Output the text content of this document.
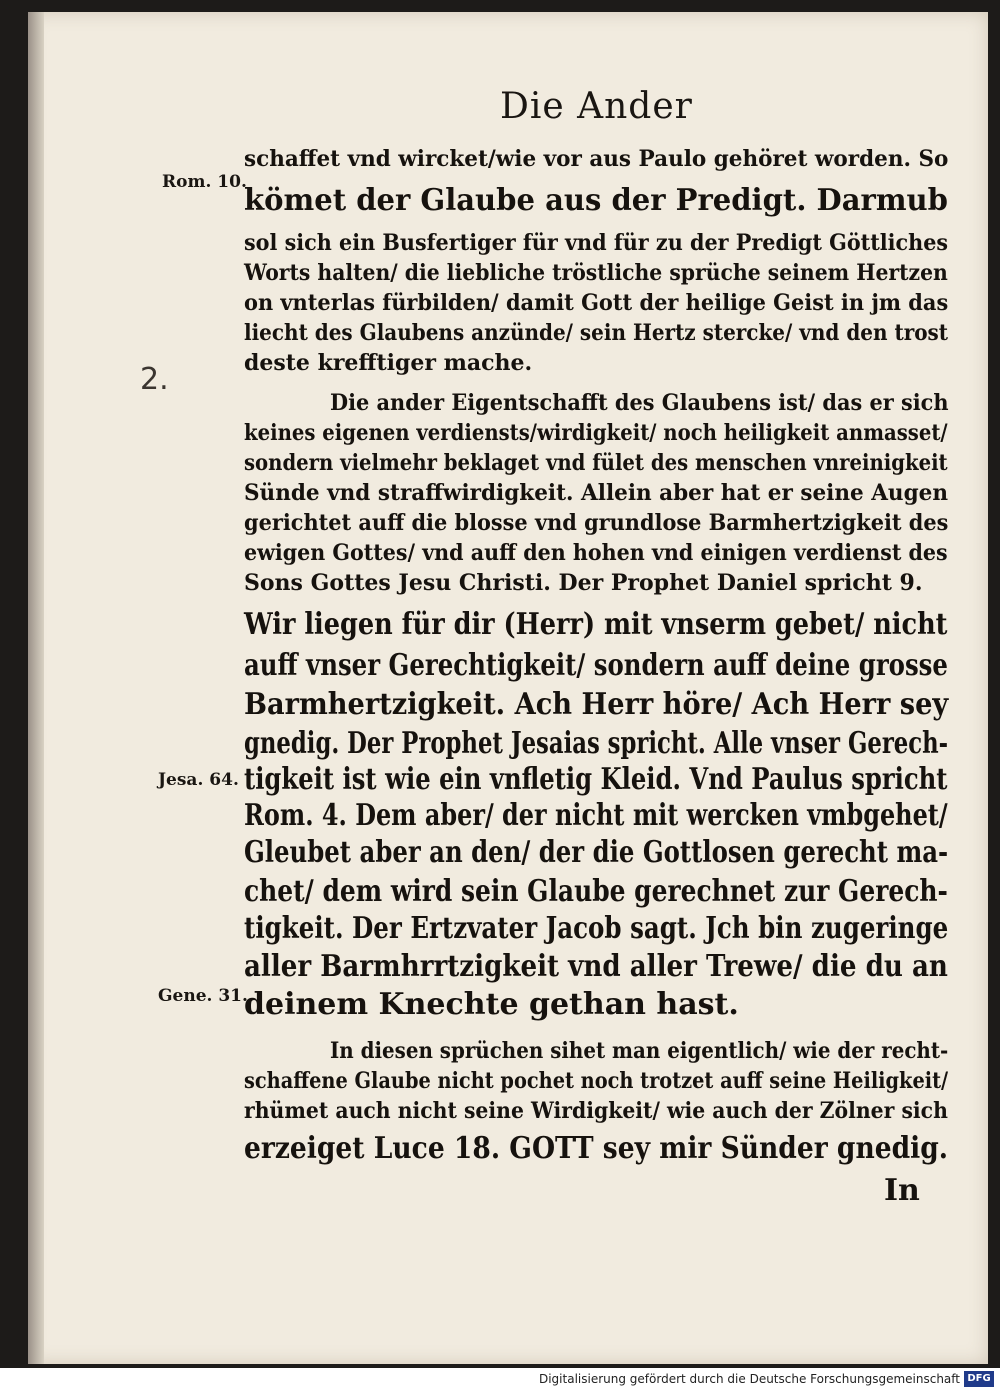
Die Ander
Rom. 10.
2.
Jesa. 64.
Gene. 31.
schaffet vnd wircket/wie vor aus Paulo gehöret worden. So
kömet der Glaube aus der Predigt. Darmub
sol sich ein Busfertiger für vnd für zu der Predigt Göttliches
Worts halten/ die liebliche tröstliche sprüche seinem Hertzen
on vnterlas fürbilden/ damit Gott der heilige Geist in jm das
liecht des Glaubens anzünde/ sein Hertz stercke/ vnd den trost
deste krefftiger mache.
Die ander Eigentschafft des Glaubens ist/ das er sich
keines eigenen verdiensts/wirdigkeit/ noch heiligkeit anmasset/
sondern vielmehr beklaget vnd fület des menschen vnreinigkeit
Sünde vnd straffwirdigkeit. Allein aber hat er seine Augen
gerichtet auff die blosse vnd grundlose Barmhertzigkeit des
ewigen Gottes/ vnd auff den hohen vnd einigen verdienst des
Sons Gottes Jesu Christi. Der Prophet Daniel spricht 9.
Wir liegen für dir (Herr) mit vnserm gebet/ nicht
auff vnser Gerechtigkeit/ sondern auff deine grosse
Barmhertzigkeit. Ach Herr höre/ Ach Herr sey
gnedig. Der Prophet Jesaias spricht. Alle vnser Gerech-
tigkeit ist wie ein vnfletig Kleid. Vnd Paulus spricht
Rom. 4. Dem aber/ der nicht mit wercken vmbgehet/
Gleubet aber an den/ der die Gottlosen gerecht ma-
chet/ dem wird sein Glaube gerechnet zur Gerech-
tigkeit. Der Ertzvater Jacob sagt. Jch bin zugeringe
aller Barmhrrtzigkeit vnd aller Trewe/ die du an
deinem Knechte gethan hast.
In diesen sprüchen sihet man eigentlich/ wie der recht-
schaffene Glaube nicht pochet noch trotzet auff seine Heiligkeit/
rhümet auch nicht seine Wirdigkeit/ wie auch der Zölner sich
erzeiget Luce 18. GOTT sey mir Sünder gnedig.
In
Digitalisierung gefördert durch die Deutsche Forschungsgemeinschaft DFG
